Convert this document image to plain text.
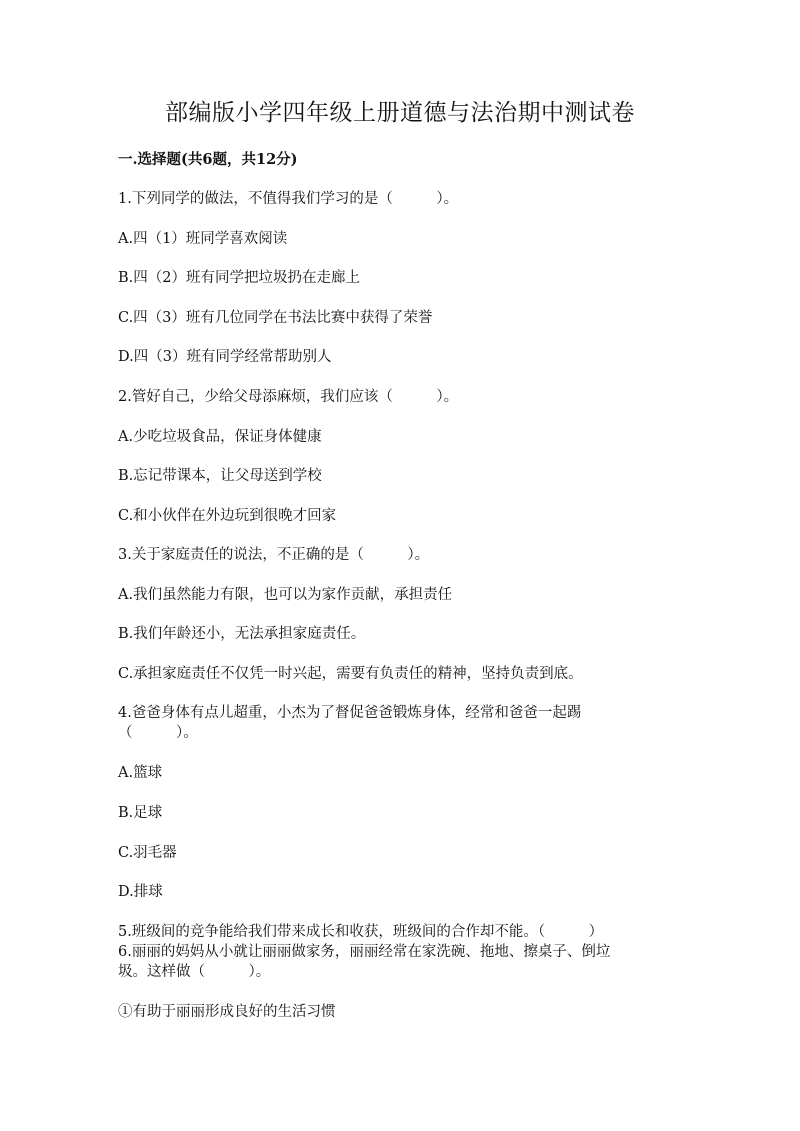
部编版小学四年级上册道德与法治期中测试卷
一.选择题(共6题，共12分)
1.下列同学的做法，不值得我们学习的是（　　　）。
A.四（1）班同学喜欢阅读
B.四（2）班有同学把垃圾扔在走廊上
C.四（3）班有几位同学在书法比赛中获得了荣誉
D.四（3）班有同学经常帮助别人
2.管好自己，少给父母添麻烦，我们应该（　　　）。
A.少吃垃圾食品，保证身体健康
B.忘记带课本，让父母送到学校
C.和小伙伴在外边玩到很晚才回家
3.关于家庭责任的说法，不正确的是（　　　）。
A.我们虽然能力有限，也可以为家作贡献，承担责任
B.我们年龄还小，无法承担家庭责任。
C.承担家庭责任不仅凭一时兴起，需要有负责任的精神，坚持负责到底。
4.爸爸身体有点儿超重，小杰为了督促爸爸锻炼身体，经常和爸爸一起踢
（　　　）。
A.篮球
B.足球
C.羽毛器
D.排球
5.班级间的竞争能给我们带来成长和收获，班级间的合作却不能。（　　　）
6.丽丽的妈妈从小就让丽丽做家务，丽丽经常在家洗碗、拖地、擦桌子、倒垃
圾。这样做（　　　）。
①有助于丽丽形成良好的生活习惯
